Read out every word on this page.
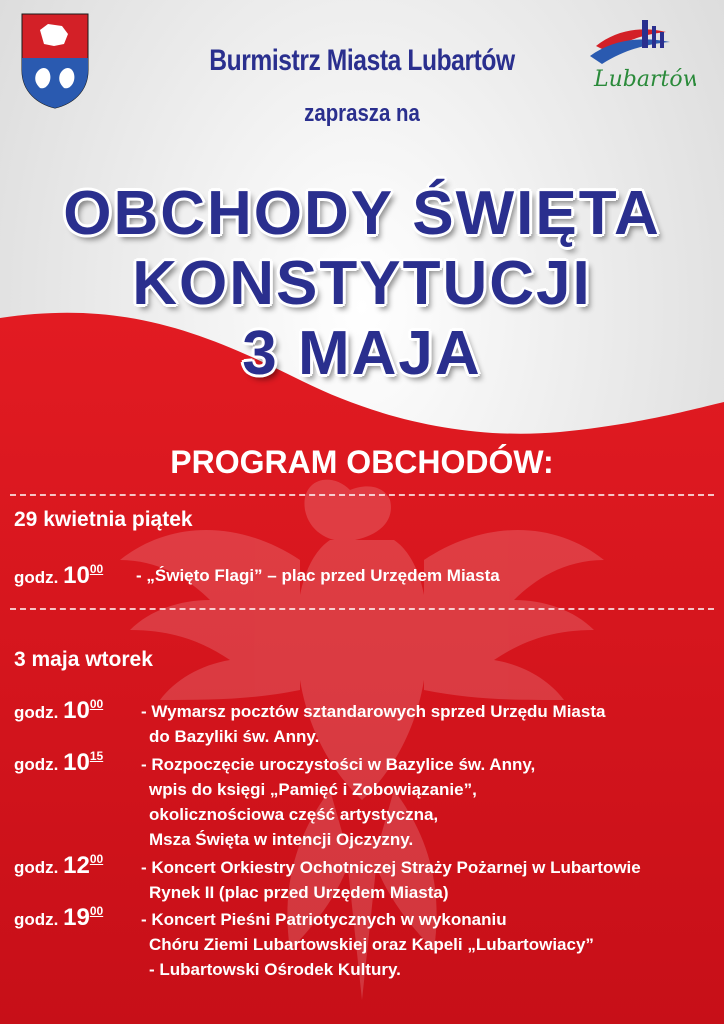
Lubartów
Burmistrz Miasta Lubartów
zaprasza na
OBCHODY ŚWIĘTA
KONSTYTUCJI
3 MAJA
PROGRAM OBCHODÓW:
29 kwietnia piątek
godz. $10^{00}$ - „Święto Flagi” – plac przed Urzędem Miasta
3 maja wtorek
godz. $10^{00}$ - Wymarsz pocztów sztandarowych sprzed Urzędu Miasta
do Bazyliki św. Anny.
godz. $10^{15}$ - Rozpoczęcie uroczystości w Bazylice św. Anny,
wpis do księgi „Pamięć i Zobowiązanie”,
okolicznościowa część artystyczna,
Msza Święta w intencji Ojczyzny.
godz. $12^{00}$ - Koncert Orkiestry Ochotniczej Straży Pożarnej w Lubartowie
Rynek II (plac przed Urzędem Miasta)
godz. $19^{00}$ - Koncert Pieśni Patriotycznych w wykonaniu
Chóru Ziemi Lubartowskiej oraz Kapeli „Lubartowiacy”
- Lubartowski Ośrodek Kultury.
